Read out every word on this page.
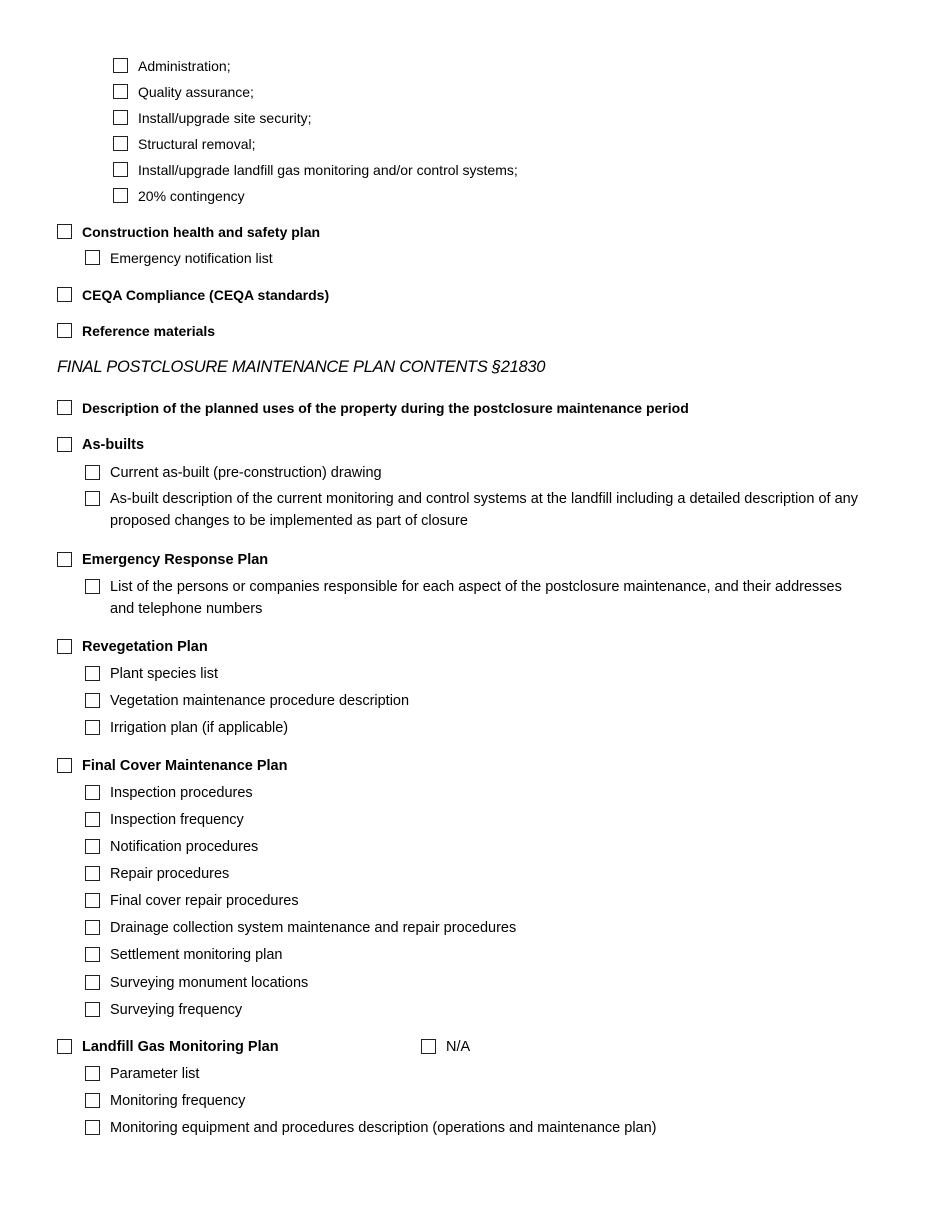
Administration;
Quality assurance;
Install/upgrade site security;
Structural removal;
Install/upgrade landfill gas monitoring and/or control systems;
20% contingency
Construction health and safety plan
Emergency notification list
CEQA Compliance (CEQA standards)
Reference materials
FINAL POSTCLOSURE MAINTENANCE PLAN CONTENTS §21830
Description of the planned uses of the property during the postclosure maintenance period
As-builts
Current as-built (pre-construction) drawing
As-built description of the current monitoring and control systems at the landfill including a detailed description of any proposed changes to be implemented as part of closure
Emergency Response Plan
List of the persons or companies responsible for each aspect of the postclosure maintenance, and their addresses and telephone numbers
Revegetation Plan
Plant species list
Vegetation maintenance procedure description
Irrigation plan (if applicable)
Final Cover Maintenance Plan
Inspection procedures
Inspection frequency
Notification procedures
Repair procedures
Final cover repair procedures
Drainage collection system maintenance and repair procedures
Settlement monitoring plan
Surveying monument locations
Surveying frequency
Landfill Gas Monitoring Plan	N/A
Parameter list
Monitoring frequency
Monitoring equipment and procedures description (operations and maintenance plan)
